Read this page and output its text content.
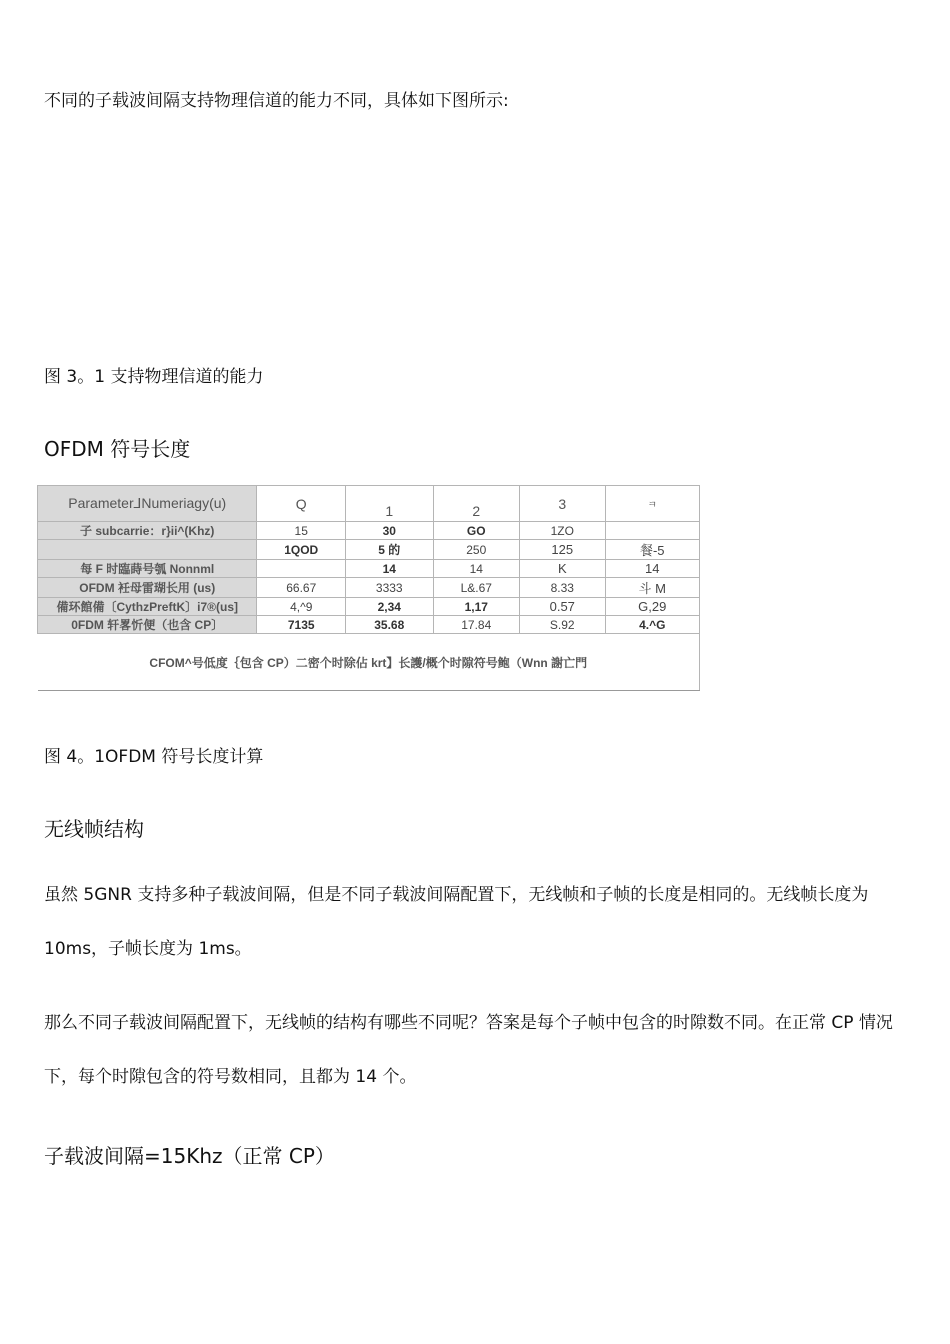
不同的子载波间隔支持物理信道的能力不同，具体如下图所示:
图 3。1 支持物理信道的能力
OFDM 符号长度
Parameter⅃Numeriagy(u)	Q	1	2	3	ㅋ
子 subcarrie：r}ii^(Khz)	15	30	GO	1ZO	
	1QOD	5 的	250	125	餐-5
每 F 时臨蒔号瓠 Nonnml		14	14	K	14
OFDM 衽母雷瑚长用 (us)	66.67	3333	L&.67	8.33	斗 M
備环館備〔CythzPreftK〕i7®(us]	4,^9	2,34	1,17	0.57	G,29
0FDM 轩畧忻便（也含 CP〕	7135	35.68	17.84	S.92	4.^G
CFOM^号低度｛包含 CP）二密个时除佔 krt】长護/概个时隙符号鲍（Wnn 謝亡門					
图 4。1OFDM 符号长度计算
无线帧结构
虽然 5GNR 支持多种子载波间隔，但是不同子载波间隔配置下，无线帧和子帧的长度是相同的。无线帧长度为 10ms，子帧长度为 1ms。
那么不同子载波间隔配置下，无线帧的结构有哪些不同呢？答案是每个子帧中包含的时隙数不同。在正常 CP 情况下，每个时隙包含的符号数相同，且都为 14 个。
子载波间隔=15Khz（正常 CP）
